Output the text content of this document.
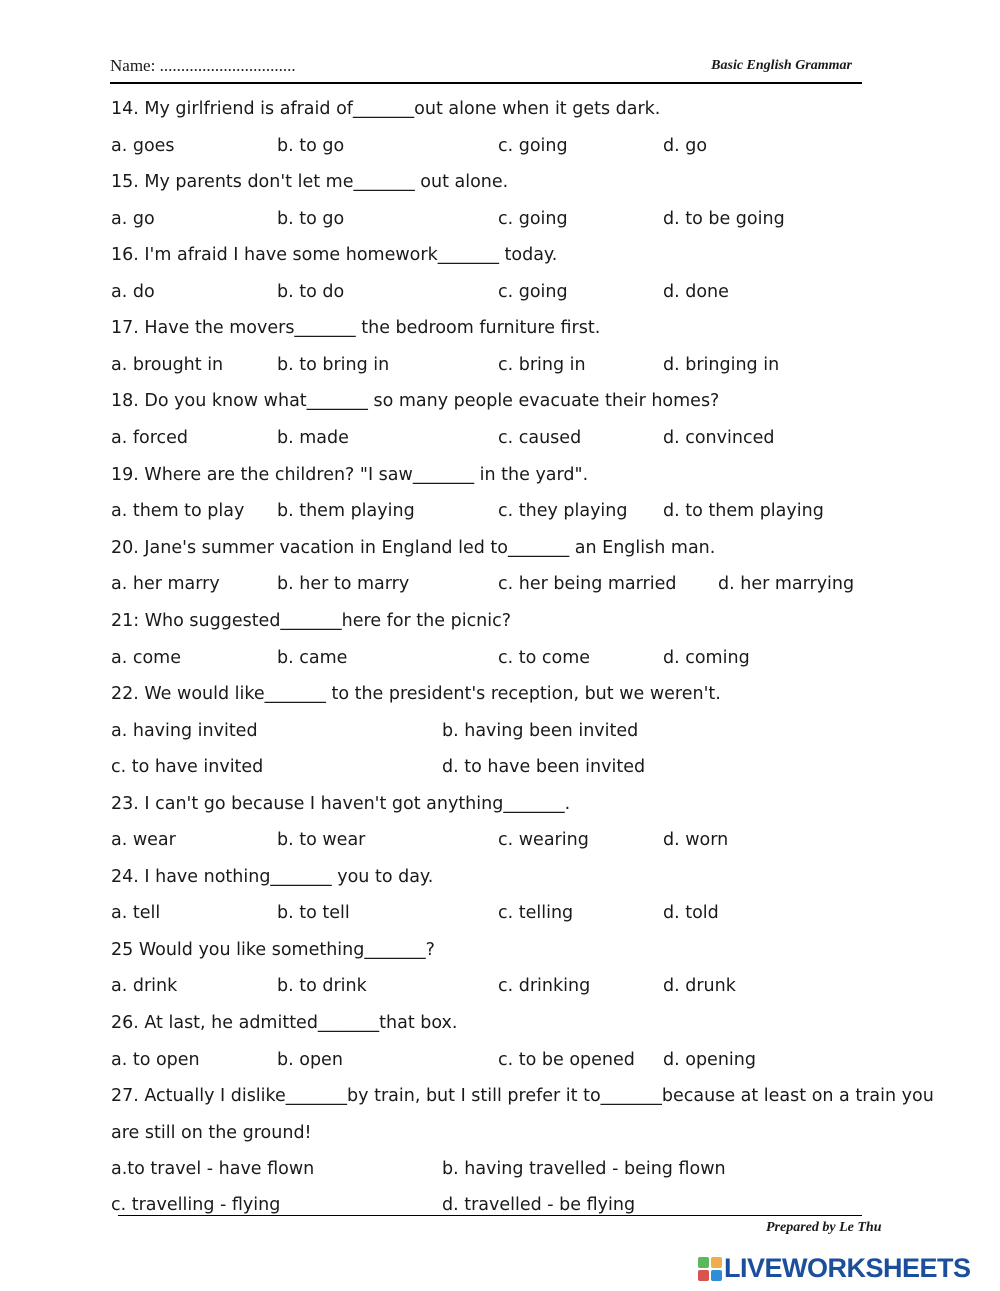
Name: ................................	Basic English Grammar
14. My girlfriend is afraid of_______out alone when it gets dark.
a. goes	b. to go	c. going	d. go
15. My parents don't let me_______ out alone.
a. go	b. to go	c. going	d. to be going
16. I'm afraid I have some homework_______ today.
a. do	b. to do	c. going	d. done
17. Have the movers_______ the bedroom furniture first.
a. brought in	b. to bring in	c. bring in	d. bringing in
18. Do you know what_______ so many people evacuate their homes?
a. forced	b. made	c. caused	d. convinced
19. Where are the children? "I saw_______ in the yard".
a. them to play b. them playing	c. they playing d. to them playing
20. Jane's summer vacation in England led to_______ an English man.
a. her marry	b. her to marry	c. her being married d. her marrying
21: Who suggested_______here for the picnic?
a. come	b. came	c. to come	d. coming
22. We would like_______ to the president's reception, but we weren't.
a. having invited	b. having been invited
c. to have invited	d. to have been invited
23. I can't go because I haven't got anything_______.
a. wear	b. to wear	c. wearing	d. worn
24. I have nothing_______ you to day.
a. tell	b. to tell	c. telling	d. told
25 Would you like something_______?
a. drink	b. to drink	c. drinking	d. drunk
26. At last, he admitted_______that box.
a. to open	b. open	c. to be opened d. opening
27. Actually I dislike_______by train, but I still prefer it to_______because at least on a train you
are still on the ground!
a.to travel - have flown	b. having travelled - being flown
c. travelling - flying	d. travelled - be flying
Prepared by Le Thu
LIVEWORKSHEETS
